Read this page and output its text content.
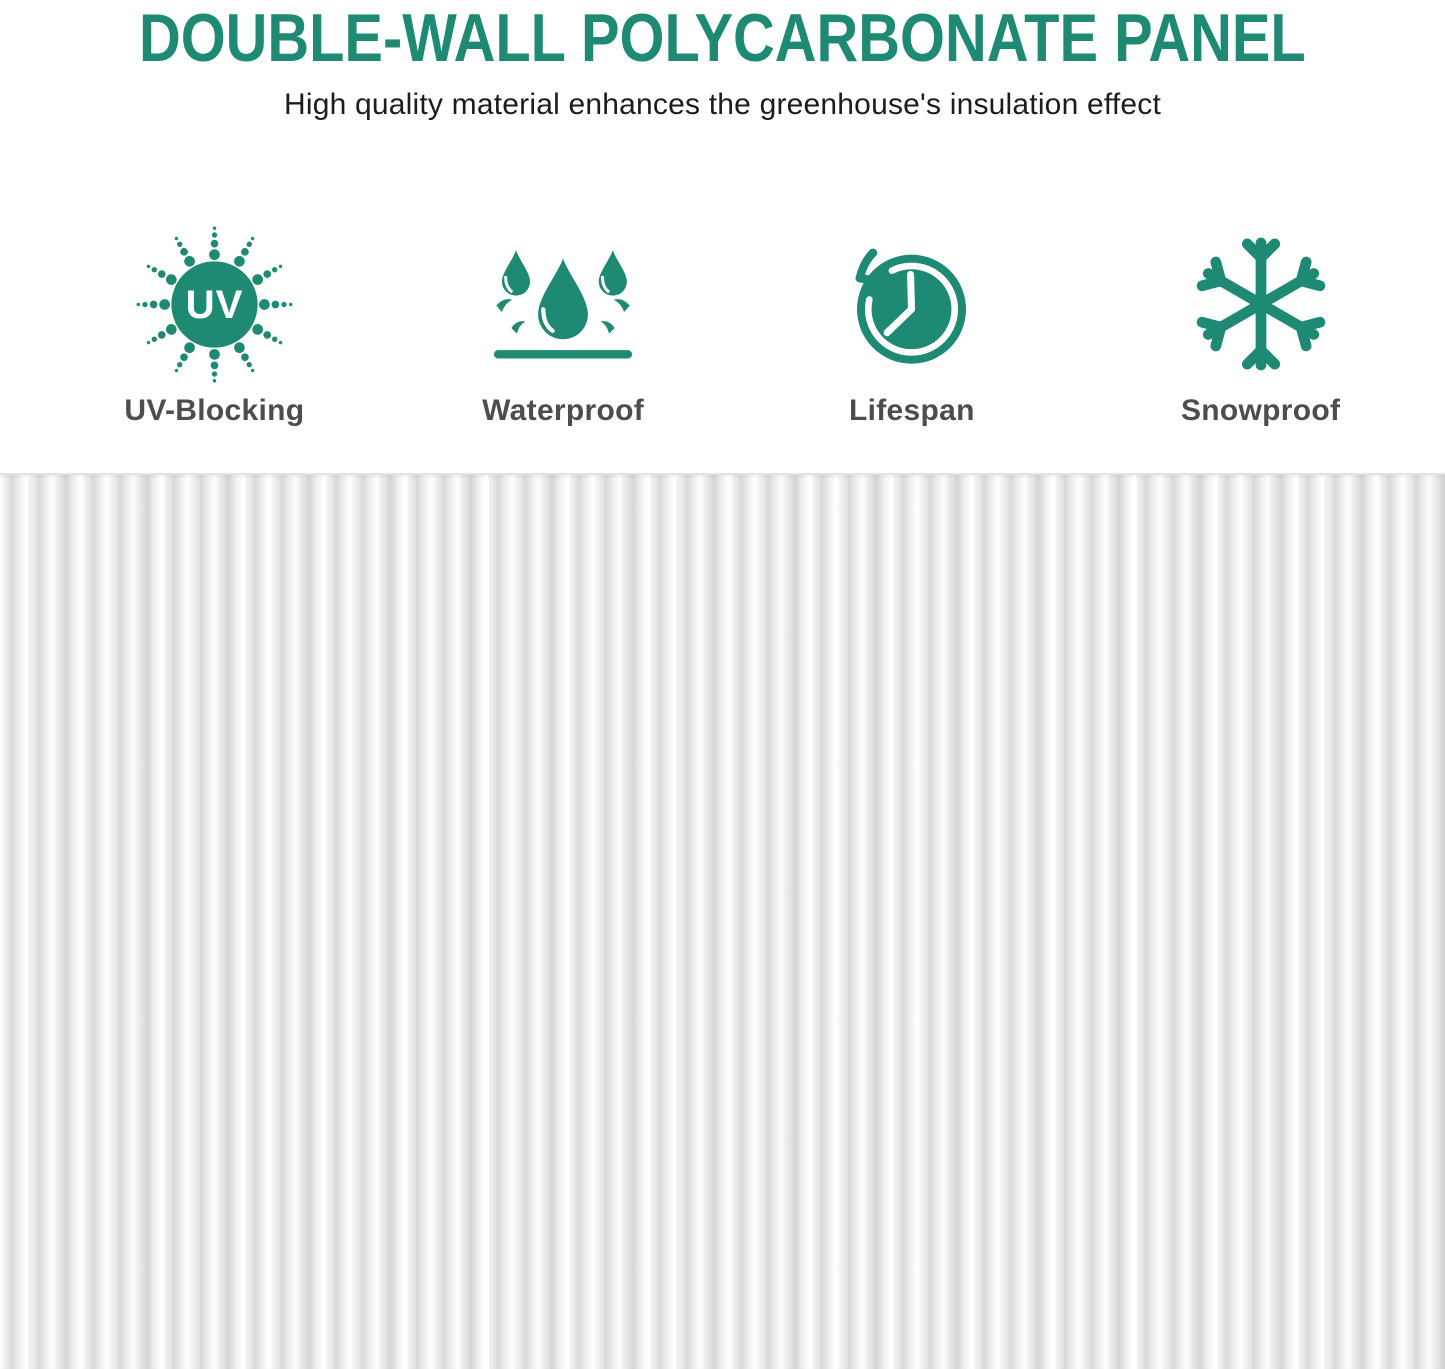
DOUBLE-WALL POLYCARBONATE PANEL

High quality material enhances the greenhouse's insulation effect

UV
UV-Blocking	Waterproof	Lifespan	Snowproof
